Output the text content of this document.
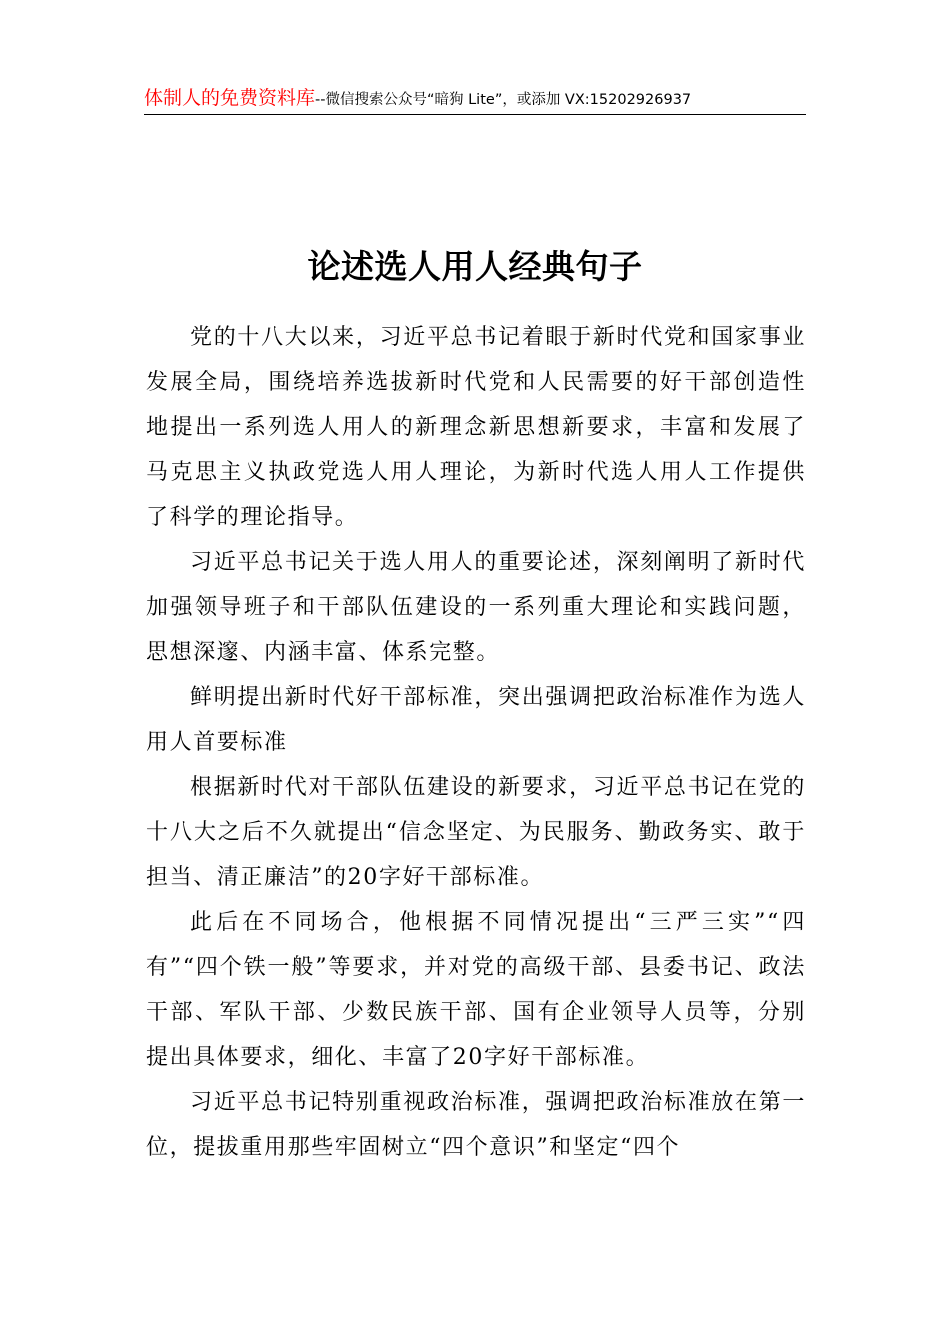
体制人的免费资料库--微信搜索公众号“暗狗 Lite”，或添加 VX:15202926937
论述选人用人经典句子

党的十八大以来，习近平总书记着眼于新时代党和国家事业发展全局，围绕培养选拔新时代党和人民需要的好干部创造性地提出一系列选人用人的新理念新思想新要求，丰富和发展了马克思主义执政党选人用人理论，为新时代选人用人工作提供了科学的理论指导。

习近平总书记关于选人用人的重要论述，深刻阐明了新时代加强领导班子和干部队伍建设的一系列重大理论和实践问题，思想深邃、内涵丰富、体系完整。

鲜明提出新时代好干部标准，突出强调把政治标准作为选人用人首要标准

根据新时代对干部队伍建设的新要求，习近平总书记在党的十八大之后不久就提出“信念坚定、为民服务、勤政务实、敢于担当、清正廉洁”的20字好干部标准。

此后在不同场合，他根据不同情况提出“三严三实”“四有”“四个铁一般”等要求，并对党的高级干部、县委书记、政法干部、军队干部、少数民族干部、国有企业领导人员等，分别提出具体要求，细化、丰富了20字好干部标准。

习近平总书记特别重视政治标准，强调把政治标准放在第一位，提拔重用那些牢固树立“四个意识”和坚定“四个
